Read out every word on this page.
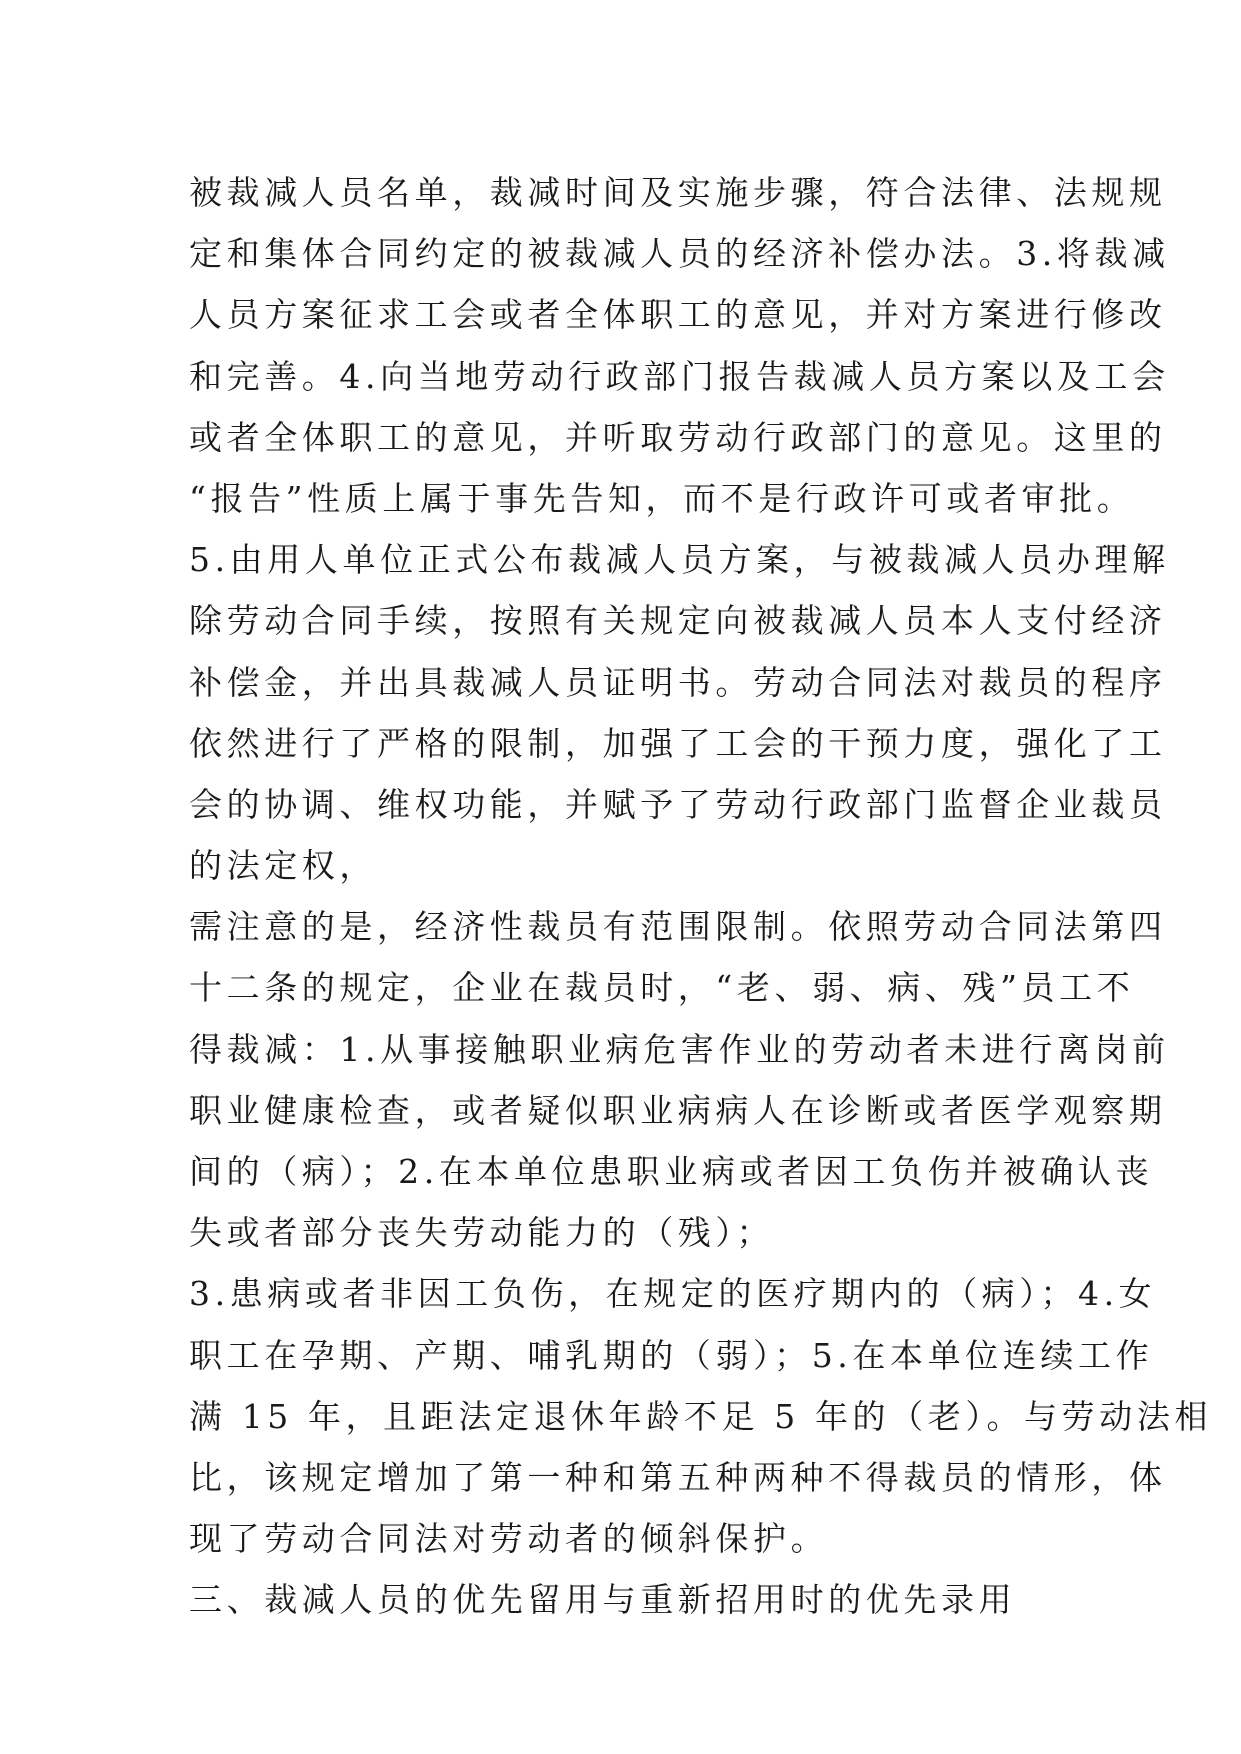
被裁减人员名单，裁减时间及实施步骤，符合法律、法规规
定和集体合同约定的被裁减人员的经济补偿办法。3.将裁减
人员方案征求工会或者全体职工的意见，并对方案进行修改
和完善。4.向当地劳动行政部门报告裁减人员方案以及工会
或者全体职工的意见，并听取劳动行政部门的意见。这里的
“报告”性质上属于事先告知，而不是行政许可或者审批。
5.由用人单位正式公布裁减人员方案，与被裁减人员办理解
除劳动合同手续，按照有关规定向被裁减人员本人支付经济
补偿金，并出具裁减人员证明书。劳动合同法对裁员的程序
依然进行了严格的限制，加强了工会的干预力度，强化了工
会的协调、维权功能，并赋予了劳动行政部门监督企业裁员
的法定权，
需注意的是，经济性裁员有范围限制。依照劳动合同法第四
十二条的规定，企业在裁员时，“老、弱、病、残”员工不
得裁减：1.从事接触职业病危害作业的劳动者未进行离岗前
职业健康检查，或者疑似职业病病人在诊断或者医学观察期
间的（病）；2.在本单位患职业病或者因工负伤并被确认丧
失或者部分丧失劳动能力的（残）；
3.患病或者非因工负伤，在规定的医疗期内的（病）；4.女
职工在孕期、产期、哺乳期的（弱）；5.在本单位连续工作
满 15 年，且距法定退休年龄不足 5 年的（老）。与劳动法相
比，该规定增加了第一种和第五种两种不得裁员的情形，体
现了劳动合同法对劳动者的倾斜保护。
三、裁减人员的优先留用与重新招用时的优先录用
